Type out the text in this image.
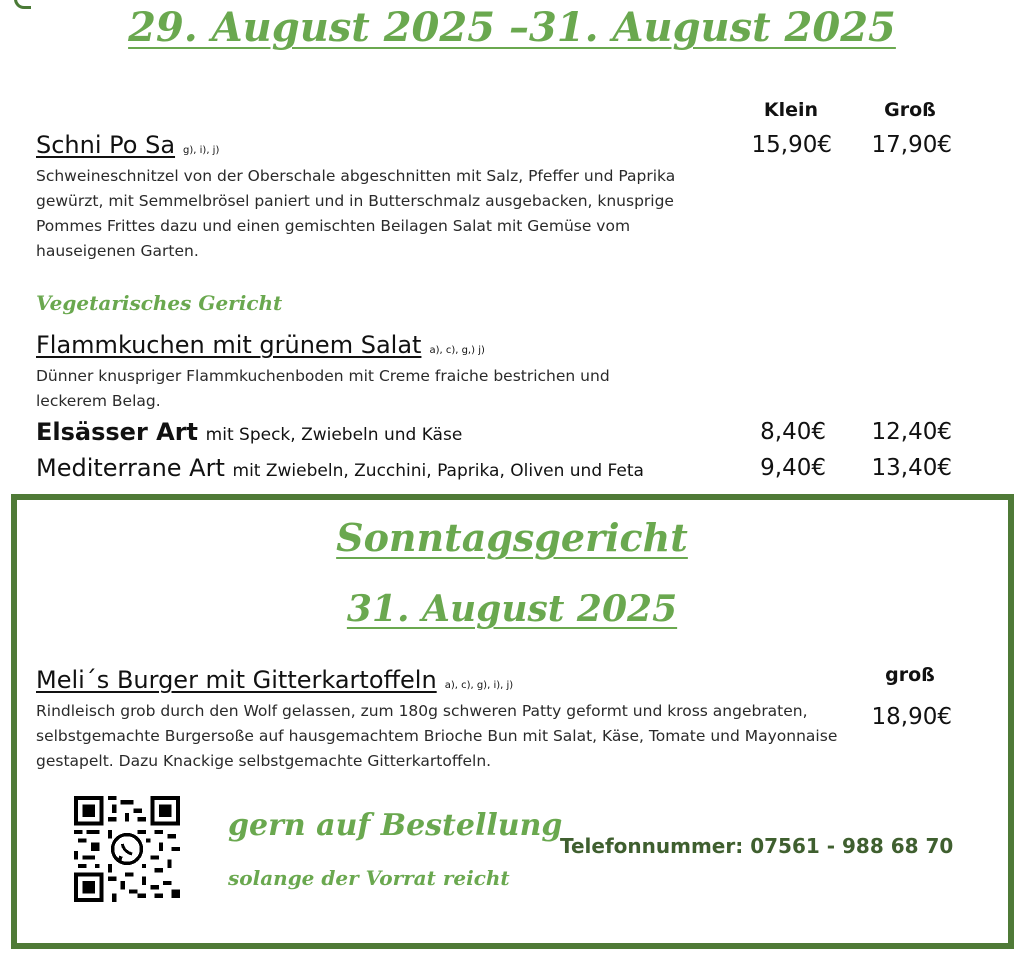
29. August 2025 –31. August 2025
Klein	Groß
Schni Po Sa g), i), j)	15,90€	17,90€
Schweineschnitzel von der Oberschale abgeschnitten mit Salz, Pfeffer und Paprika gewürzt, mit Semmelbrösel paniert und in Butterschmalz ausgebacken, knusprige Pommes Frittes dazu und einen gemischten Beilagen Salat mit Gemüse vom hauseigenen Garten.
Vegetarisches Gericht
Flammkuchen mit grünem Salat a), c), g,) j)
Dünner knuspriger Flammkuchenboden mit Creme fraiche bestrichen und leckerem Belag.
Elsässer Art mit Speck, Zwiebeln und Käse	8,40€	12,40€
Mediterrane Art mit Zwiebeln, Zucchini, Paprika, Oliven und Feta	9,40€	13,40€
Sonntagsgericht
31. August 2025
groß
Meli´s Burger mit Gitterkartoffeln a), c), g), i), j)
18,90€
Rindleisch grob durch den Wolf gelassen, zum 180g schweren Patty geformt und kross angebraten, selbstgemachte Burgersoße auf hausgemachtem Brioche Bun mit Salat, Käse, Tomate und Mayonnaise gestapelt. Dazu Knackige selbstgemachte Gitterkartoffeln.
gern auf Bestellung
solange der Vorrat reicht
Telefonnummer: 07561 - 988 68 70
